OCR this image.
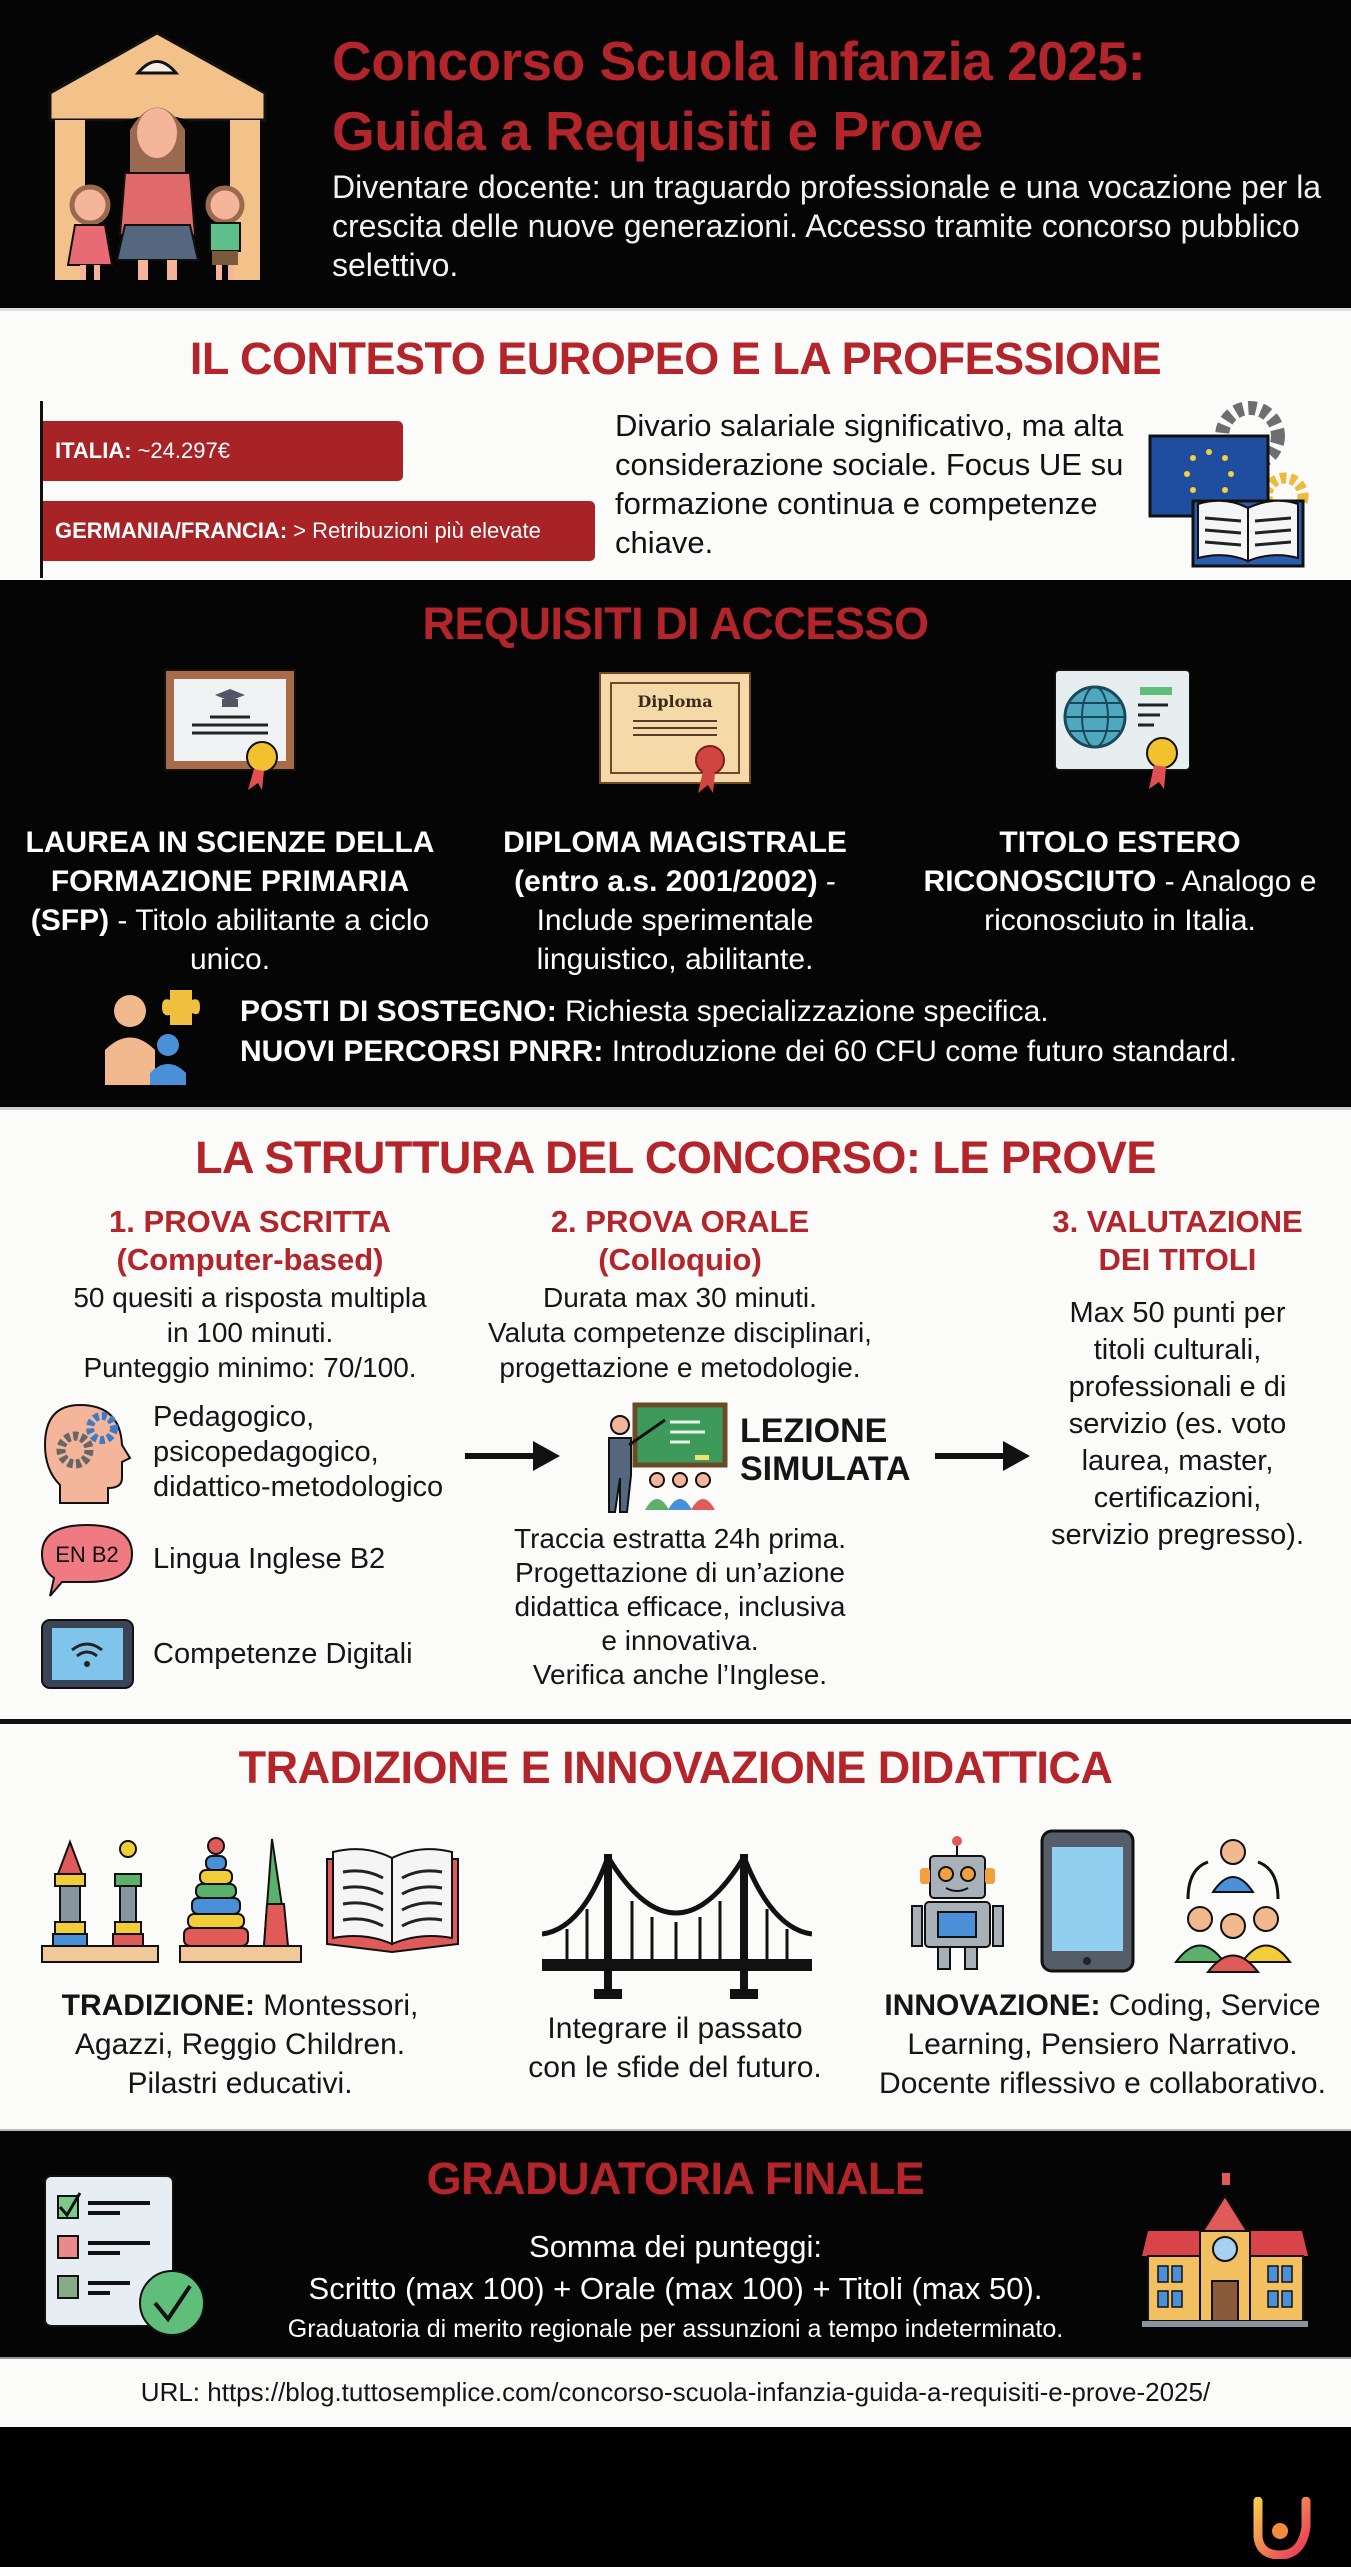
Concorso Scuola Infanzia 2025:
Guida a Requisiti e Prove

Diventare docente: un traguardo professionale e una vocazione per la crescita delle nuove generazioni. Accesso tramite concorso pubblico selettivo.

IL CONTESTO EUROPEO E LA PROFESSIONE
ITALIA: ~24.297€
GERMANIA/FRANCIA: > Retribuzioni più elevate

Divario salariale significativo, ma alta considerazione sociale. Focus UE su formazione continua e competenze chiave.

REQUISITI DI ACCESSO
LAUREA IN SCIENZE DELLA FORMAZIONE PRIMARIA (SFP) - Titolo abilitante a ciclo unico.
Diploma
DIPLOMA MAGISTRALE (entro a.s. 2001/2002) - Include sperimentale linguistico, abilitante.
TITOLO ESTERO RICONOSCIUTO - Analogo e riconosciuto in Italia.
POSTI DI SOSTEGNO: Richiesta specializzazione specifica.
NUOVI PERCORSI PNRR: Introduzione dei 60 CFU come futuro standard.
LA STRUTTURA DEL CONCORSO: LE PROVE
1. PROVA SCRITTA
(Computer-based)
50 quesiti a risposta multipla
in 100 minuti.
Punteggio minimo: 70/100.
Pedagogico,
psicopedagogico,
didattico-metodologico
EN B2 Lingua Inglese B2
Competenze Digitali
2. PROVA ORALE
(Colloquio)
Durata max 30 minuti.
Valuta competenze disciplinari,
progettazione e metodologie.
LEZIONE
SIMULATA
Traccia estratta 24h prima.
Progettazione di un’azione
didattica efficace, inclusiva
e innovativa.
Verifica anche l’Inglese.
3. VALUTAZIONE
DEI TITOLI
Max 50 punti per
titoli culturali,
professionali e di
servizio (es. voto
laurea, master,
certificazioni,
servizio pregresso).
TRADIZIONE E INNOVAZIONE DIDATTICA
TRADIZIONE: Montessori,
Agazzi, Reggio Children.
Pilastri educativi.
Integrare il passato
con le sfide del futuro.
INNOVAZIONE: Coding, Service
Learning, Pensiero Narrativo.
Docente riflessivo e collaborativo.
GRADUATORIA FINALE
Somma dei punteggi:
Scritto (max 100) + Orale (max 100) + Titoli (max 50).
Graduatoria di merito regionale per assunzioni a tempo indeterminato.
URL: https://blog.tuttosemplice.com/concorso-scuola-infanzia-guida-a-requisiti-e-prove-2025/
